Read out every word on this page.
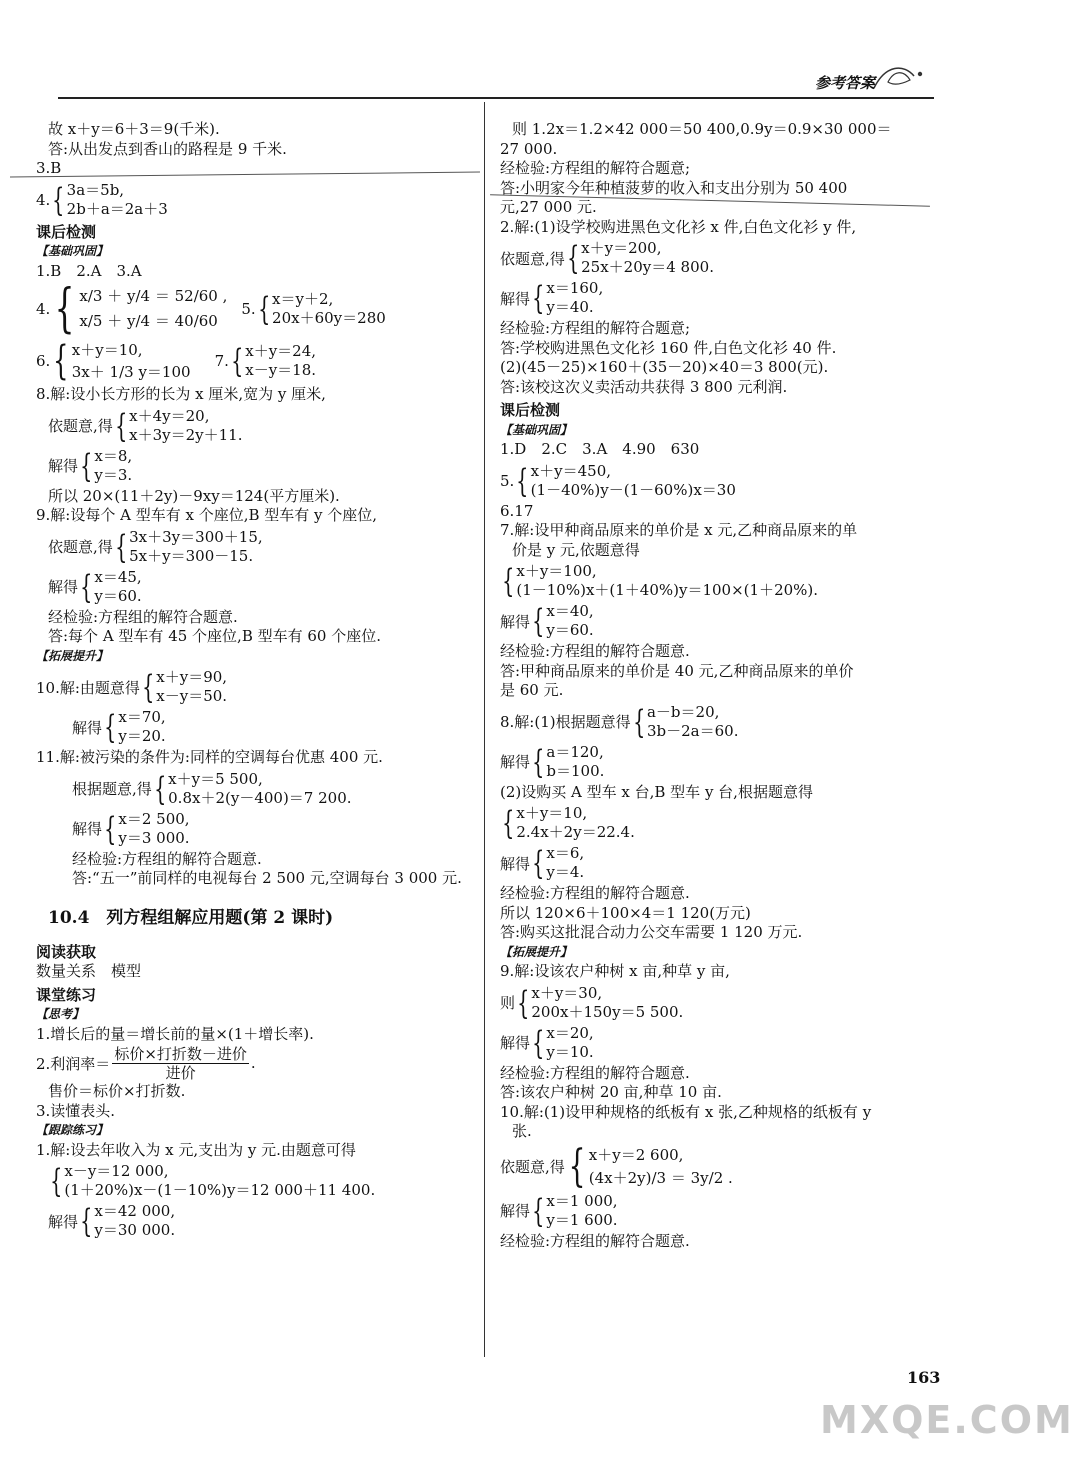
参考答案
故 x＋y＝6＋3＝9(千米).
答:从出发点到香山的路程是 9 千米.
3.B
4. { 3a＝5b,
2b＋a＝2a＋3
课后检测
【基础巩固】
1.B　2.A　3.A
4. { x/3 ＋ y/4 ＝ 52/60 ,
x/5 ＋ y/4 ＝ 40/60
5. { x＝y＋2,
20x＋60y＝280
6. { x＋y＝10,
3x＋ 1/3 y＝100
7. { x＋y＝24,
x－y＝18.
8.解:设小长方形的长为 x 厘米,宽为 y 厘米,
依题意,得 { x＋4y＝20,
x＋3y＝2y＋11.
解得 { x＝8,
y＝3.
所以 20×(11＋2y)－9xy＝124(平方厘米).
9.解:设每个 A 型车有 x 个座位,B 型车有 y 个座位,
依题意,得 { 3x＋3y＝300＋15,
5x＋y＝300－15.
解得 { x＝45,
y＝60.
经检验:方程组的解符合题意.
答:每个 A 型车有 45 个座位,B 型车有 60 个座位.
【拓展提升】
10.解:由题意得 { x＋y＝90,
x－y＝50.
解得 { x＝70,
y＝20.
11.解:被污染的条件为:同样的空调每台优惠 400 元.
根据题意,得 { x＋y＝5 500,
0.8x＋2(y－400)＝7 200.
解得 { x＝2 500,
y＝3 000.
经检验:方程组的解符合题意.
答:“五一”前同样的电视每台 2 500 元,空调每台 3 000 元.
10.4　列方程组解应用题(第 2 课时)
阅读获取
数量关系　模型
课堂练习
【思考】
1.增长后的量＝增长前的量×(1＋增长率).
2.利润率＝
标价×打折数－进价
进价
.
售价＝标价×打折数.
3.读懂表头.
【跟踪练习】
1.解:设去年收入为 x 元,支出为 y 元.由题意可得
{ x－y＝12 000,
(1＋20%)x－(1－10%)y＝12 000＋11 400.
解得 { x＝42 000,
y＝30 000.
则 1.2x＝1.2×42 000＝50 400,0.9y＝0.9×30 000＝
27 000.
经检验:方程组的解符合题意;
答:小明家今年种植菠萝的收入和支出分别为 50 400
元,27 000 元.
2.解:(1)设学校购进黑色文化衫 x 件,白色文化衫 y 件,
依题意,得 { x＋y＝200,
25x＋20y＝4 800.
解得 { x＝160,
y＝40.
经检验:方程组的解符合题意;
答:学校购进黑色文化衫 160 件,白色文化衫 40 件.
(2)(45－25)×160＋(35－20)×40＝3 800(元).
答:该校这次义卖活动共获得 3 800 元利润.
课后检测
【基础巩固】
1.D　2.C　3.A　4.90　630
5. { x＋y＝450,
(1－40%)y－(1－60%)x＝30
6.17
7.解:设甲种商品原来的单价是 x 元,乙种商品原来的单
价是 y 元,依题意得
{ x＋y＝100,
(1－10%)x＋(1＋40%)y＝100×(1＋20%).
解得 { x＝40,
y＝60.
经检验:方程组的解符合题意.
答:甲种商品原来的单价是 40 元,乙种商品原来的单价
是 60 元.
8.解:(1)根据题意得 { a－b＝20,
3b－2a＝60.
解得 { a＝120,
b＝100.
(2)设购买 A 型车 x 台,B 型车 y 台,根据题意得
{ x＋y＝10,
2.4x＋2y＝22.4.
解得 { x＝6,
y＝4.
经检验:方程组的解符合题意.
所以 120×6＋100×4＝1 120(万元)
答:购买这批混合动力公交车需要 1 120 万元.
【拓展提升】
9.解:设该农户种树 x 亩,种草 y 亩,
则 { x＋y＝30,
200x＋150y＝5 500.
解得 { x＝20,
y＝10.
经检验:方程组的解符合题意.
答:该农户种树 20 亩,种草 10 亩.
10.解:(1)设甲种规格的纸板有 x 张,乙种规格的纸板有 y
张.
依题意,得 { x＋y＝2 600,
(4x＋2y)/3 ＝ 3y/2 .
解得 { x＝1 000,
y＝1 600.
经检验:方程组的解符合题意.
163
MXQE.COM
